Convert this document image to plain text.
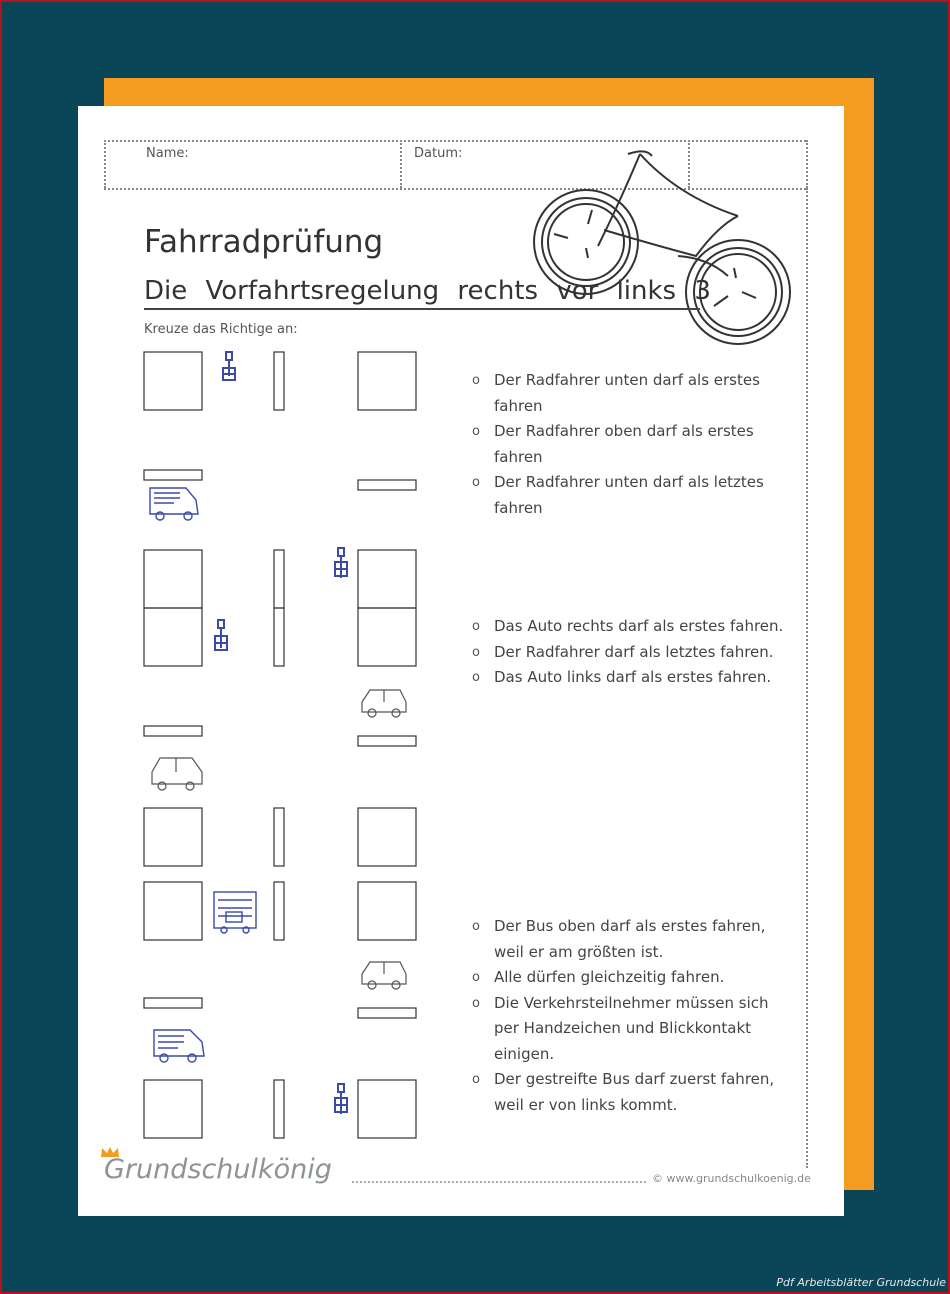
Name:	Datum:
Fahrradprüfung
Die Vorfahrtsregelung rechts vor links 3
Kreuze das Richtige an:
o Der Radfahrer unten darf als erstes
fahren
o Der Radfahrer oben darf als erstes
fahren
o Der Radfahrer unten darf als letztes
fahren
o Das Auto rechts darf als erstes fahren.
o Der Radfahrer darf als letztes fahren.
o Das Auto links darf als erstes fahren.
o Der Bus oben darf als erstes fahren,
weil er am größten ist.
o Alle dürfen gleichzeitig fahren.
o Die Verkehrsteilnehmer müssen sich
per Handzeichen und Blickkontakt
einigen.
o Der gestreifte Bus darf zuerst fahren,
weil er von links kommt.
Grundschulkönig	© www.grundschulkoenig.de
Pdf Arbeitsblätter Grundschule
